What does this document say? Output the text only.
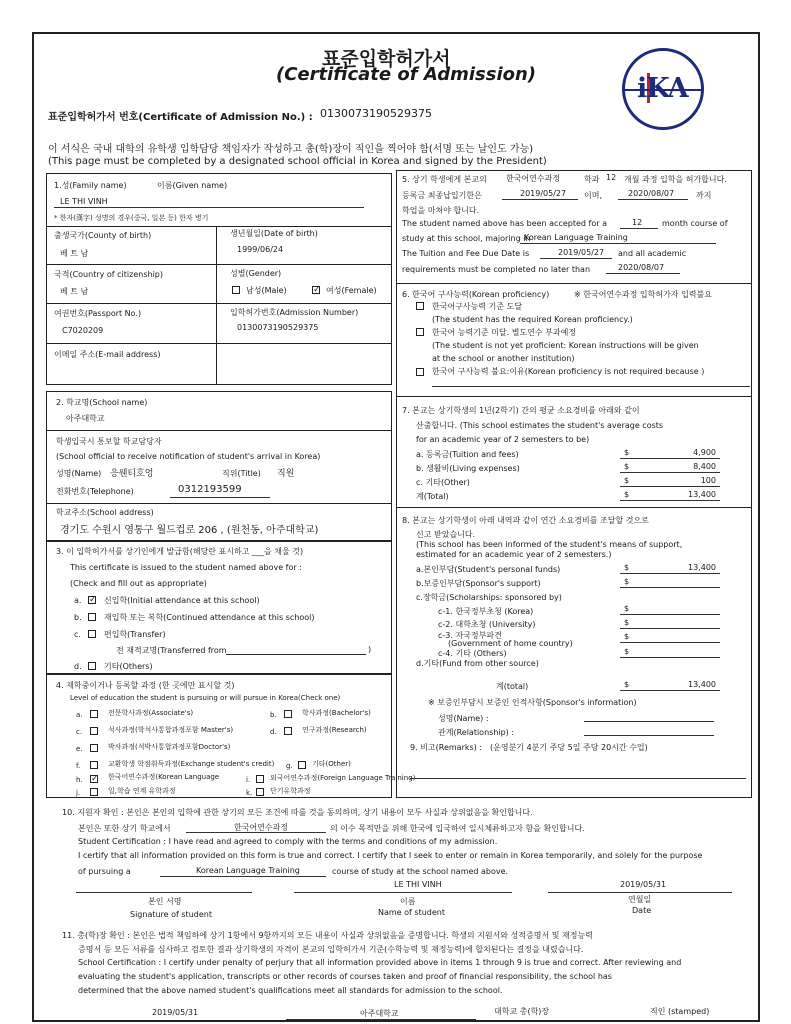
표준입학허가서
(Certificate of Admission)	iKA
표준입학허가서 번호(Certificate of Admission No.) : 0130073190529375
이 서식은 국내 대학의 유학생 입학담당 책임자가 작성하고 총(학)장이 직인을 찍어야 함(서명 또는 날인도 가능)
(This page must be completed by a designated school official in Korea and signed by the President)
1.성(Family name)	이름(Given name)
LE THI VINH
* 한자(漢字) 성명의 경우(중국, 일본 등) 한자 병기
출생국가(County of birth)
베 트 남
생년월일(Date of birth)
1999/06/24
국적(Country of citizenship)
베 트 남
성별(Gender)
남성(Male)	✓ 여성(Female)
여권번호(Passport No.)
C7020209
입학허가번호(Admission Number)
0130073190529375
이메일 주소(E-mail address)
2. 학교명(School name)
아주대학교
학생입국시 통보할 학교담당자
(School official to receive notification of student's arrival in Korea)
성명(Name) 응웬티호엉	직위(Title) 직원
전화번호(Telephone)	0312193599
학교주소(School address)
경기도 수원시 영통구 월드컵로 206 , (원천동, 아주대학교)
3. 이 입학허가서를 상기인에게 발급함(해당란 표시하고 ___을 채울 것)
This certificate is issued to the student named above for :
(Check and fill out as appropriate)
a. ✓ 신입학(Initial attendance at this school)
b.	재입학 또는 복학(Continued attendance at this school)
c.	편입학(Transfer)
전 재적교명(Transferred from	)
d.	기타(Others)
4. 재학중이거나 등록할 과정 (한 곳에만 표시할 것)
Level of education the student is pursuing or will pursue in Korea(Check one)
a.	전문학사과정(Associate's)	b.	학사과정(Bachelor's)
c.	석사과정(학석사통합과정포함 Master's)	d.	연구과정(Research)
e.	박사과정(석박사통합과정포함Doctor's)
f.	교환학생 학점취득과정(Exchange student's credit) g.	기타(Other)
h. ✓ 한국어연수과정(Korean Language	i.	외국어연수과정(Foreign Language Training)
j.	일,학습 연계 유학과정	k.	단기유학과정
5. 상기 학생에게 본교의 한국어연수과정	학과 12 개월 과정 입학을 허가합니다.
등록금 최종납입기한은	2019/05/27 이며,	2020/08/07	까지
학업을 마쳐야 합니다.
The student named above has been accepted for a	12 month course of
study at this school, majoring in
Korean Language Training
The Tuition and Fee Due Date is	2019/05/27 and all academic
requirements must be completed no later than	2020/08/07
6. 한국어 구사능력(Korean proficiency)	※ 한국어연수과정 입학허가자 입력불요
한국어구사능력 기준 도달
(The student has the required Korean proficiency.)
한국어 능력기준 미달. 별도연수 부과예정
(The student is not yet proficient: Korean instructions will be given
at the school or another institution)
한국어 구사능력 불요:이유(Korean proficiency is not required because )
7. 본교는 상기학생의 1년(2학기) 간의 평균 소요경비를 아래와 같이
산출합니다. (This school estimates the student's average costs
for an academic year of 2 semesters to be)
a. 등록금(Tuition and fees)	$	4,900
b. 생활비(Living expenses)	$	8,400
c. 기타(Other)	$	100
계(Total)	$	13,400
8. 본교는 상기학생이 아래 내역과 같이 연간 소요경비를 조달할 것으로
신고 받았습니다.
(This school has been informed of the student's means of support,
estimated for an academic year of 2 semesters.)
a.본인부담(Student's personal funds)	$	13,400
b.보증인부담(Sponsor's support)	$
c.장학금(Scholarships: sponsored by)
c-1. 한국정부초청 (Korea)	$
c-2. 대학초청 (University)	$
c-3. 자국정부파견
(Government of home country)
$
c-4. 기타 (Others)	$
d.기타(Fund from other source)
계(total)	$	13,400
※ 보증인부담시 보증인 인적사항(Sponsor's information)
성명(Name) :
관계(Relationship) :
9. 비고(Remarks) : (운영분기 4분기 주당 5일 주당 20시간 수업)
10. 지원자 확인 : 본인은 본인의 입학에 관한 상기의 모든 조건에 따를 것을 동의하며, 상기 내용이 모두 사실과 상위없음을 확인합니다.
본인은 또한 상기 학교에서	한국어연수과정	의 이수 목적만을 위해 한국에 입국하여 일시체류하고자 함을 확인합니다.
Student Certification : I have read and agreed to comply with the terms and conditions of my admission.
I certify that all information provided on this form is true and correct. I certify that I seek to enter or remain in Korea temporarily, and solely for the purpose
of pursuing a	Korean Language Training	course of study at the school named above.
LE THI VINH	2019/05/31
본인 서명
Signature of student
이름
Name of student
연월일
Date
11. 총(학)장 확인 : 본인은 법적 책임하에 상기 1항에서 9항까지의 모든 내용이 사실과 상위없음을 증명합니다. 학생의 지원서와 성적증명서 및 재정능력
증명서 등 모든 서류를 심사하고 검토한 결과 상기학생의 자격이 본교의 입학허가서 기준(수학능력 및 재정능력)에 합치된다는 결정을 내렸습니다.
School Certification : I certify under penalty of perjury that all information provided above in items 1 through 9 is true and correct. After reviewing and
evaluating the student's application, transcripts or other records of courses taken and proof of financial responsibility, the school has
determined that the above named student's qualifications meet all standards for admission to the school.
2019/05/31	아주대학교	대학교 총(학)장	직인 (stamped)
